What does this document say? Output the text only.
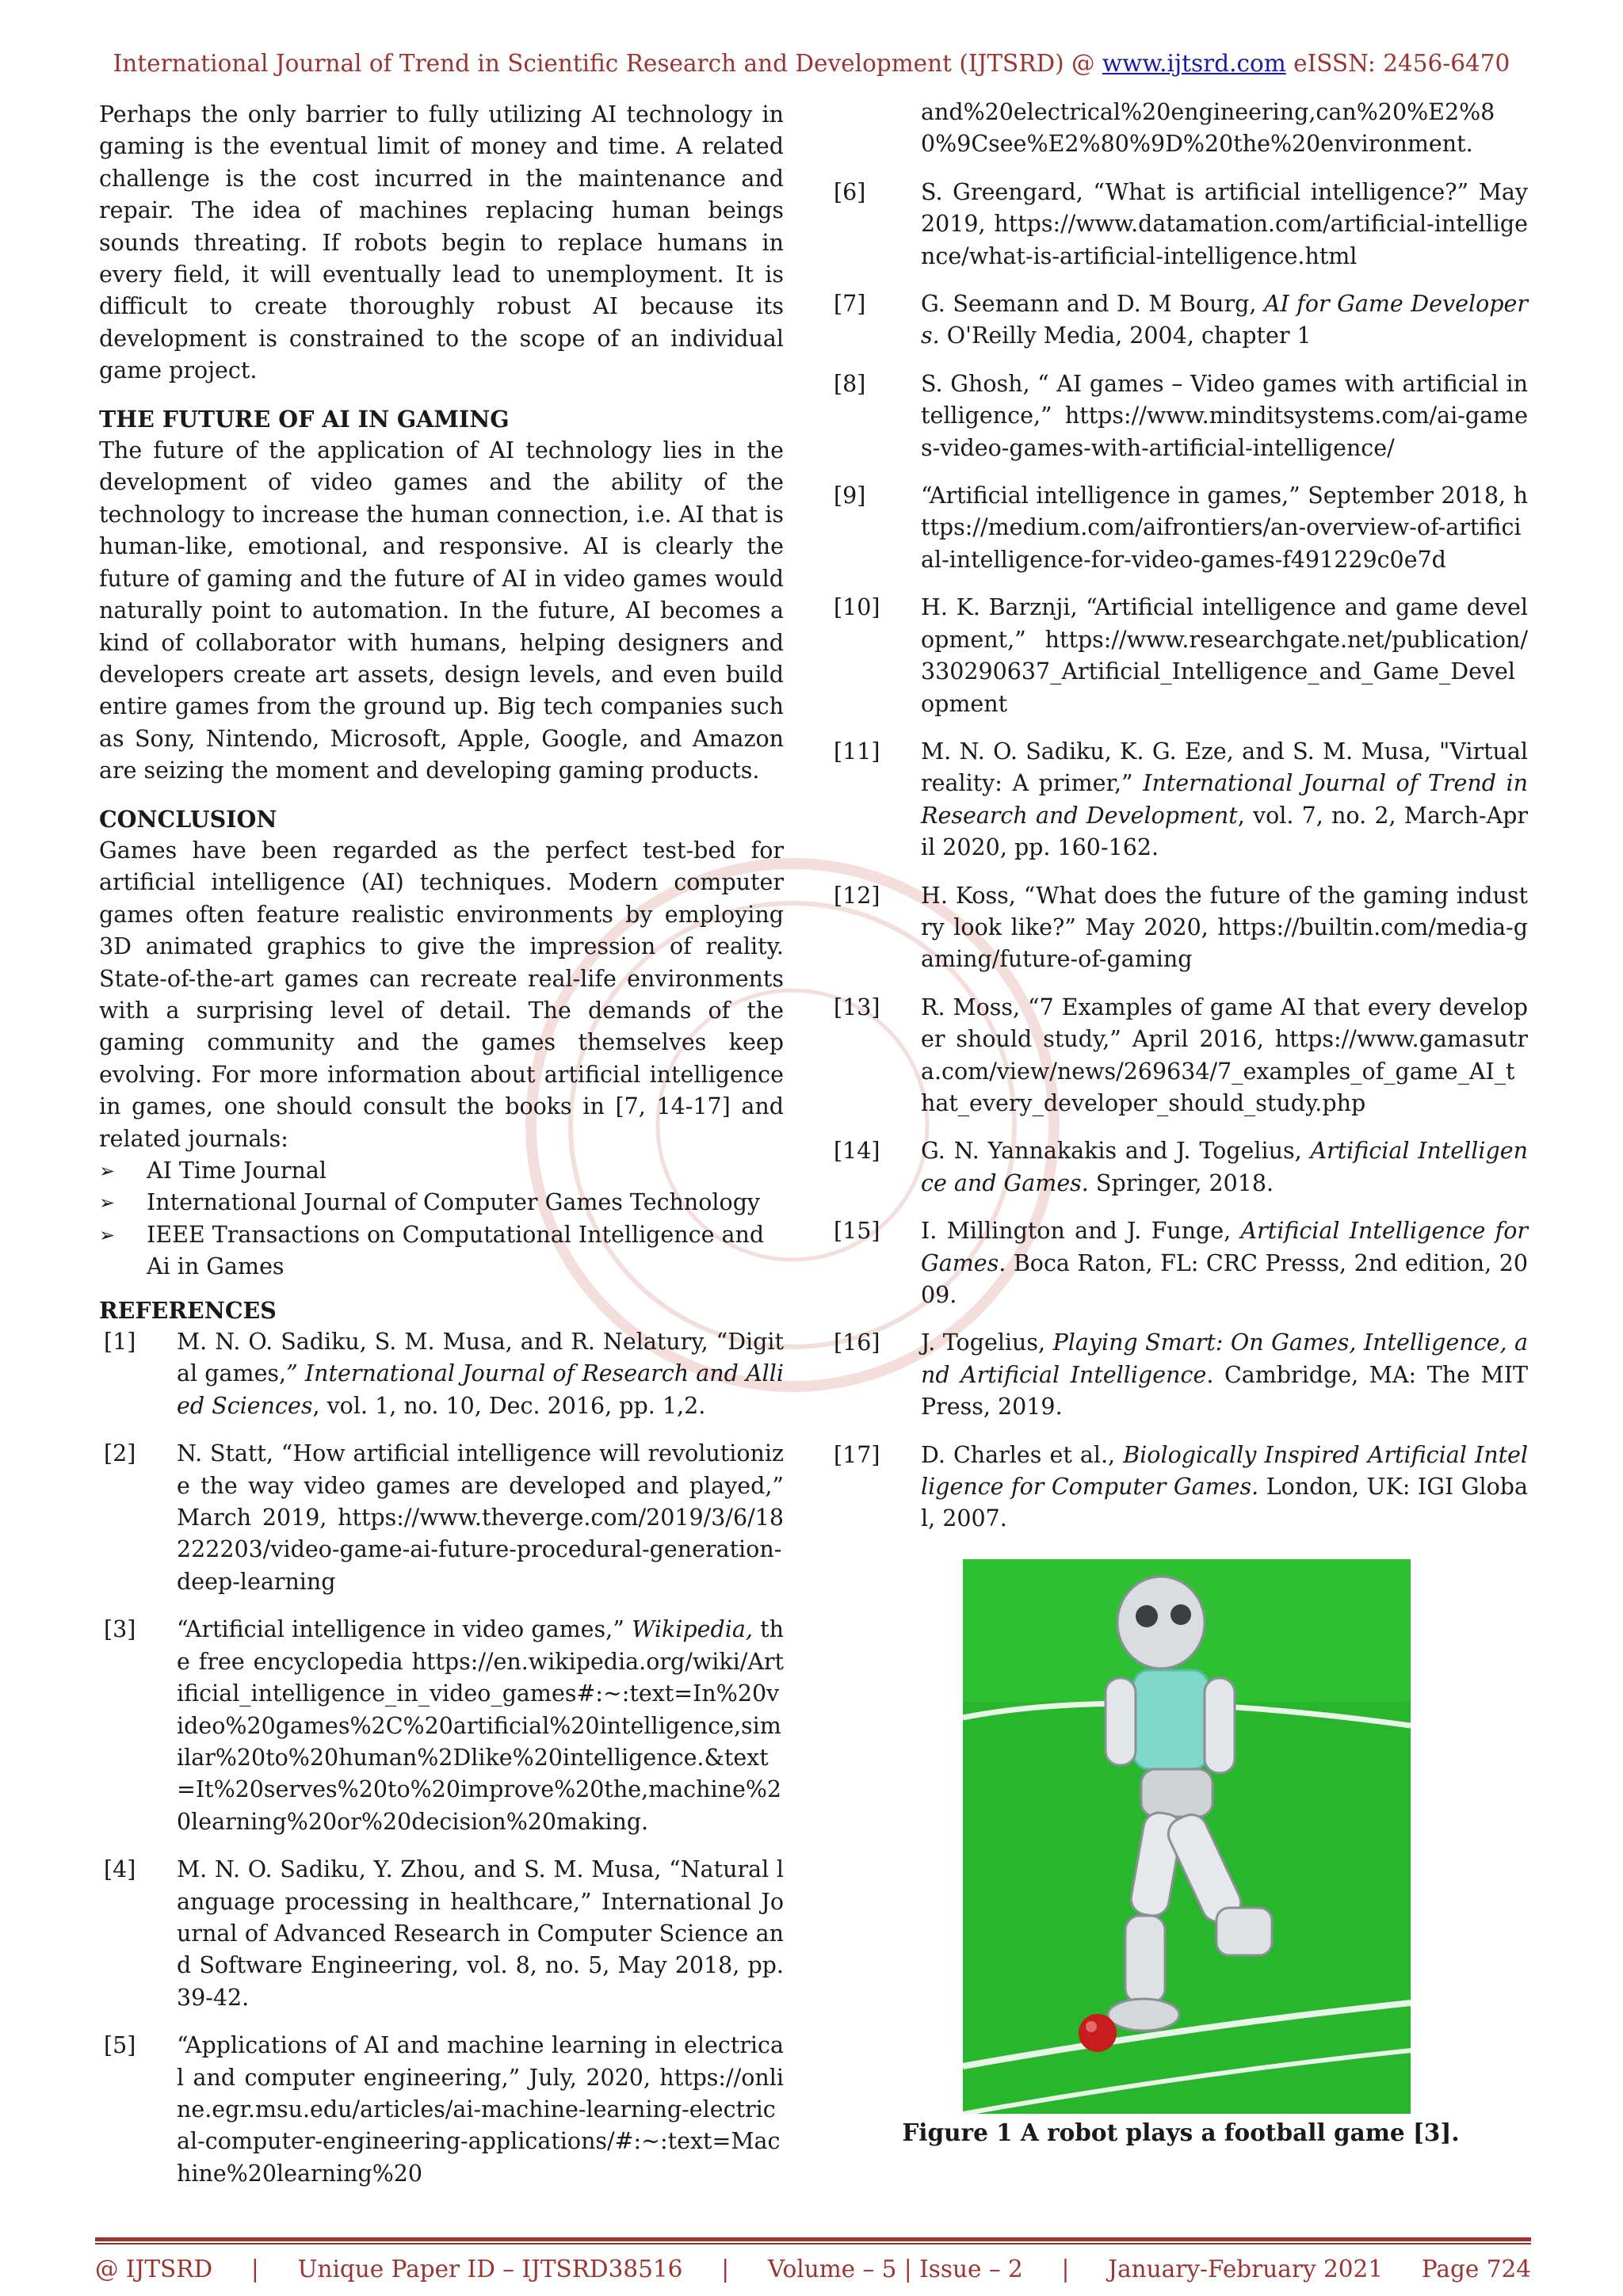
International Journal of Trend in Scientific Research and Development (IJTSRD) @ www.ijtsrd.com eISSN: 2456-6470

Perhaps the only barrier to fully utilizing AI technology in gaming is the eventual limit of money and time. A related challenge is the cost incurred in the maintenance and repair. The idea of machines replacing human beings sounds threating. If robots begin to replace humans in every field, it will eventually lead to unemployment. It is difficult to create thoroughly robust AI because its development is constrained to the scope of an individual game project.

THE FUTURE OF AI IN GAMING

The future of the application of AI technology lies in the development of video games and the ability of the technology to increase the human connection, i.e. AI that is human-like, emotional, and responsive. AI is clearly the future of gaming and the future of AI in video games would naturally point to automation. In the future, AI becomes a kind of collaborator with humans, helping designers and developers create art assets, design levels, and even build entire games from the ground up. Big tech companies such as Sony, Nintendo, Microsoft, Apple, Google, and Amazon are seizing the moment and developing gaming products.

CONCLUSION

Games have been regarded as the perfect test-bed for artificial intelligence (AI) techniques. Modern computer games often feature realistic environments by employing 3D animated graphics to give the impression of reality. State-of-the-art games can recreate real-life environments with a surprising level of detail. The demands of the gaming community and the games themselves keep evolving. For more information about artificial intelligence in games, one should consult the books in [7, 14-17] and related journals:

➢ AI Time Journal
➢ International Journal of Computer Games Technology
➢ IEEE Transactions on Computational Intelligence and Ai in Games

REFERENCES

[1]	M. N. O. Sadiku, S. M. Musa, and R. Nelatury, “Digital games,” International Journal of Research and Allied Sciences, vol. 1, no. 10, Dec. 2016, pp. 1,2.
[2]	N. Statt, “How artificial intelligence will revolutionize the way video games are developed and played,” March 2019, https://www.theverge.com/2019/3/6/18222203/video-game-ai-future-procedural-generation-deep-learning
[3]	“Artificial intelligence in video games,” Wikipedia, the free encyclopedia https://en.wikipedia.org/wiki/Artificial_intelligence_in_video_games#:~:text=In%20video%20games%2C%20artificial%20intelligence,similar%20to%20human%2Dlike%20intelligence.&text=It%20serves%20to%20improve%20the,machine%20learning%20or%20decision%20making.
[4]	M. N. O. Sadiku, Y. Zhou, and S. M. Musa, “Natural language processing in healthcare,” International Journal of Advanced Research in Computer Science and Software Engineering, vol. 8, no. 5, May 2018, pp. 39-42.
[5]	“Applications of AI and machine learning in electrical and computer engineering,” July, 2020, https://online.egr.msu.edu/articles/ai-machine-learning-electrical-computer-engineering-applications/#:~:text=Machine%20learning%20
and%20electrical%20engineering,can%20%E2%80%9Csee%E2%80%9D%20the%20environment.
[6]	S. Greengard, “What is artificial intelligence?” May 2019, https://www.datamation.com/artificial-intelligence/what-is-artificial-intelligence.html
[7]	G. Seemann and D. M Bourg, AI for Game Developers. O'Reilly Media, 2004, chapter 1
[8]	S. Ghosh, “ AI games – Video games with artificial intelligence,” https://www.minditsystems.com/ai-games-video-games-with-artificial-intelligence/
[9]	“Artificial intelligence in games,” September 2018, https://medium.com/aifrontiers/an-overview-of-artificial-intelligence-for-video-games-f491229c0e7d
[10]	H. K. Barznji, “Artificial intelligence and game development,” https://www.researchgate.net/publication/330290637_Artificial_Intelligence_and_Game_Development
[11]	M. N. O. Sadiku, K. G. Eze, and S. M. Musa, "Virtual reality: A primer,” International Journal of Trend in Research and Development, vol. 7, no. 2, March-April 2020, pp. 160-162.
[12]	H. Koss, “What does the future of the gaming industry look like?” May 2020, https://builtin.com/media-gaming/future-of-gaming
[13]	R. Moss, “7 Examples of game AI that every developer should study,” April 2016, https://www.gamasutra.com/view/news/269634/7_examples_of_game_AI_that_every_developer_should_study.php
[14]	G. N. Yannakakis and J. Togelius, Artificial Intelligence and Games. Springer, 2018.
[15]	I. Millington and J. Funge, Artificial Intelligence for Games. Boca Raton, FL: CRC Presss, 2nd edition, 2009.
[16]	J. Togelius, Playing Smart: On Games, Intelligence, and Artificial Intelligence. Cambridge, MA: The MIT Press, 2019.
[17]	D. Charles et al., Biologically Inspired Artificial Intelligence for Computer Games. London, UK: IGI Global, 2007.
Figure 1 A robot plays a football game [3].
@ IJTSRD | Unique Paper ID – IJTSRD38516 | Volume – 5 | Issue – 2 | January-February 2021 Page 724
